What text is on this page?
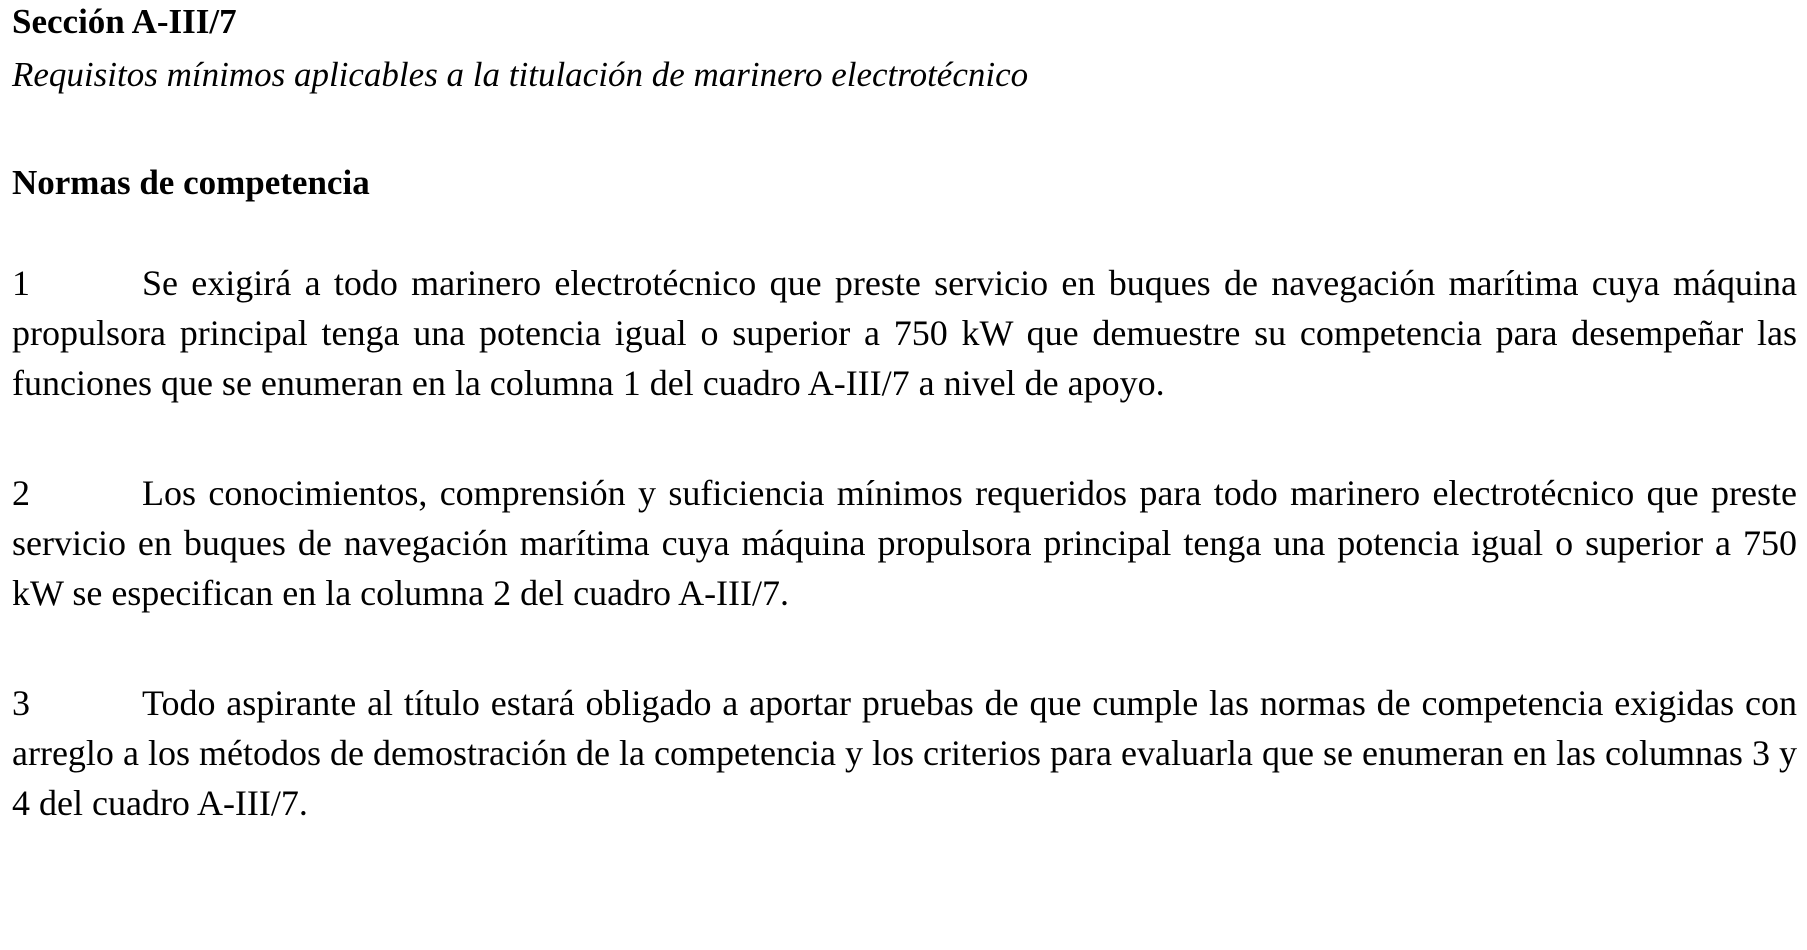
Sección A-III/7

Requisitos mínimos aplicables a la titulación de marinero electrotécnico

Normas de competencia

1	Se exigirá a todo marinero electrotécnico que preste servicio en buques de navegación marítima cuya máquina propulsora principal tenga una potencia igual o superior a 750 kW que demuestre su competencia para desempeñar las funciones que se enumeran en la columna 1 del cuadro A-III/7 a nivel de apoyo.

2	Los conocimientos, comprensión y suficiencia mínimos requeridos para todo marinero electrotécnico que preste servicio en buques de navegación marítima cuya máquina propulsora principal tenga una potencia igual o superior a 750 kW se especifican en la columna 2 del cuadro A-III/7.

3	Todo aspirante al título estará obligado a aportar pruebas de que cumple las normas de competencia exigidas con arreglo a los métodos de demostración de la competencia y los criterios para evaluarla que se enumeran en las columnas 3 y 4 del cuadro A-III/7.
